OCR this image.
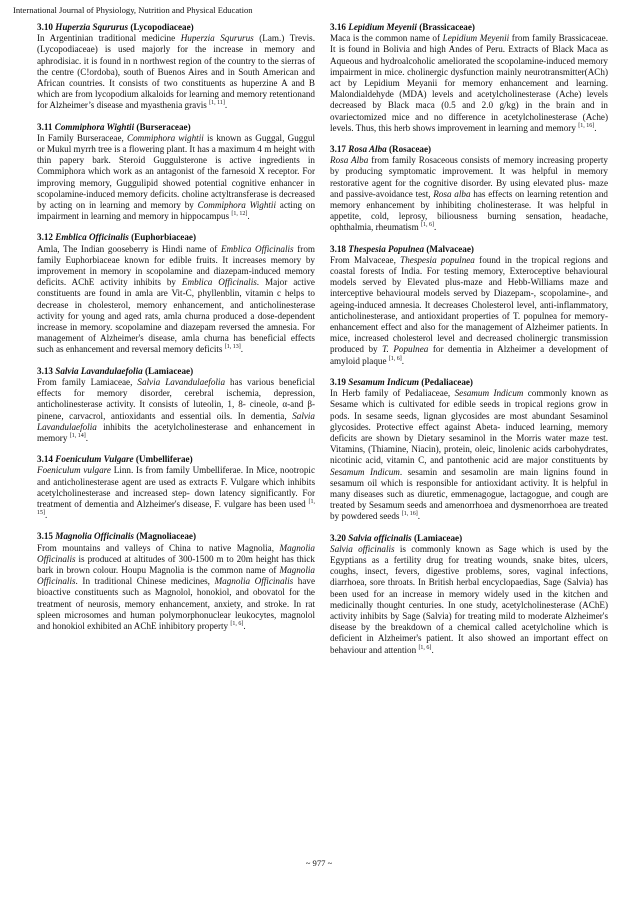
International Journal of Physiology, Nutrition and Physical Education
3.10 Huperzia Sqururus (Lycopodiaceae)
In Argentinian traditional medicine Huperzia Sqururus (Lam.) Trevis. (Lycopodiaceae) is used majorly for the increase in memory and aphrodisiac. it is found in n northwest region of the country to the sierras of the centre (C!ordoba), south of Buenos Aires and in South American and African countries. It consists of two constituents as huperzine A and B which are from lycopodium alkaloids for learning and memory retentionand for Alzheimer’s disease and myasthenia gravis [1, 11].
3.11 Commiphora Wightii (Burseraceae)
In Family Burseraceae, Commiphora wightii is known as Guggal, Guggul or Mukul myrrh tree is a flowering plant. It has a maximum 4 m height with thin papery bark. Steroid Guggulsterone is active ingredients in Commiphora which work as an antagonist of the farnesoid X receptor. For improving memory, Guggulipid showed potential cognitive enhancer in scopolamine-induced memory deficits. choline actyltransferase is decreased by acting on in learning and memory by Commiphora Wightii acting on impairment in learning and memory in hippocampus [1, 12].
3.12 Emblica Officinalis (Euphorbiaceae)
Amla, The Indian gooseberry is Hindi name of Emblica Officinalis from family Euphorbiaceae known for edible fruits. It increases memory by improvement in memory in scopolamine and diazepam-induced memory deficits. AChE activity inhibits by Emblica Officinalis. Major active constituents are found in amla are Vit-C, phyllenblin, vitamin c helps to decrease in cholesterol, memory enhancement, and anticholinesterase activity for young and aged rats, amla churna produced a dose-dependent increase in memory. scopolamine and diazepam reversed the amnesia. For management of Alzheimer's disease, amla churna has beneficial effects such as enhancement and reversal memory deficits [1, 13].
3.13 Salvia Lavandulaefolia (Lamiaceae)
From family Lamiaceae, Salvia Lavandulaefolia has various beneficial effects for memory disorder, cerebral ischemia, depression, anticholinesterase activity. It consists of luteolin, 1, 8- cineole, α-and β-pinene, carvacrol, antioxidants and essential oils. In dementia, Salvia Lavandulaefolia inhibits the acetylcholinesterase and enhancement in memory [1, 14].
3.14 Foeniculum Vulgare (Umbelliferae)
Foeniculum vulgare Linn. Is from family Umbelliferae. In Mice, nootropic and anticholinesterase agent are used as extracts F. Vulgare which inhibits acetylcholinesterase and increased step- down latency significantly. For treatment of dementia and Alzheimer's disease, F. vulgare has been used [1, 15].
3.15 Magnolia Officinalis (Magnoliaceae)
From mountains and valleys of China to native Magnolia, Magnolia Officinalis is produced at altitudes of 300-1500 m to 20m height has thick bark in brown colour. Houpu Magnolia is the common name of Magnolia Officinalis. In traditional Chinese medicines, Magnolia Officinalis have bioactive constituents such as Magnolol, honokiol, and obovatol for the treatment of neurosis, memory enhancement, anxiety, and stroke. In rat spleen microsomes and human polymorphonuclear leukocytes, magnolol and honokiol exhibited an AChE inhibitory property [1, 6].
3.16 Lepidium Meyenii (Brassicaceae)
Maca is the common name of Lepidium Meyenii from family Brassicaceae. It is found in Bolivia and high Andes of Peru. Extracts of Black Maca as Aqueous and hydroalcoholic ameliorated the scopolamine-induced memory impairment in mice. cholinergic dysfunction mainly neurotransmitter(ACh) act by Lepidium Meyanii for memory enhancement and learning. Malondialdehyde (MDA) levels and acetylcholinesterase (Ache) levels decreased by Black maca (0.5 and 2.0 g/kg) in the brain and in ovariectomized mice and no difference in acetylcholinesterase (Ache) levels. Thus, this herb shows improvement in learning and memory [1, 16].
3.17 Rosa Alba (Rosaceae)
Rosa Alba from family Rosaceous consists of memory increasing property by producing symptomatic improvement. It was helpful in memory restorative agent for the cognitive disorder. By using elevated plus- maze and passive-avoidance test, Rosa alba has effects on learning retention and memory enhancement by inhibiting cholinesterase. It was helpful in appetite, cold, leprosy, biliousness burning sensation, headache, ophthalmia, rheumatism [1, 6].
3.18 Thespesia Populnea (Malvaceae)
From Malvaceae, Thespesia populnea found in the tropical regions and coastal forests of India. For testing memory, Exteroceptive behavioural models served by Elevated plus-maze and Hebb-Williams maze and interceptive behavioural models served by Diazepam-, scopolamine-, and ageing-induced amnesia. It decreases Cholesterol level, anti-inflammatory, anticholinesterase, and antioxidant properties of T. populnea for memory-enhancement effect and also for the management of Alzheimer patients. In mice, increased cholesterol level and decreased cholinergic transmission produced by T. Populnea for dementia in Alzheimer a development of amyloid plaque [1, 6].
3.19 Sesamum Indicum (Pedaliaceae)
In Herb family of Pedaliaceae, Sesamum Indicum commonly known as Sesame which is cultivated for edible seeds in tropical regions grow in pods. In sesame seeds, lignan glycosides are most abundant Sesaminol glycosides. Protective effect against Abeta- induced learning, memory deficits are shown by Dietary sesaminol in the Morris water maze test. Vitamins, (Thiamine, Niacin), protein, oleic, linolenic acids carbohydrates, nicotinic acid, vitamin C, and pantothenic acid are major constituents by Sesamum Indicum. sesamin and sesamolin are main lignins found in sesamum oil which is responsible for antioxidant activity. It is helpful in many diseases such as diuretic, emmenagogue, lactagogue, and cough are treated by Sesamum seeds and amenorrhoea and dysmenorrhoea are treated by powdered seeds [1, 16].
3.20 Salvia officinalis (Lamiaceae)
Salvia officinalis is commonly known as Sage which is used by the Egyptians as a fertility drug for treating wounds, snake bites, ulcers, coughs, insect, fevers, digestive problems, sores, vaginal infections, diarrhoea, sore throats. In British herbal encyclopaedias, Sage (Salvia) has been used for an increase in memory widely used in the kitchen and medicinally thought centuries. In one study, acetylcholinesterase (AChE) activity inhibits by Sage (Salvia) for treating mild to moderate Alzheimer's disease by the breakdown of a chemical called acetylcholine which is deficient in Alzheimer's patient. It also showed an important effect on behaviour and attention [1, 6].
~ 977 ~
